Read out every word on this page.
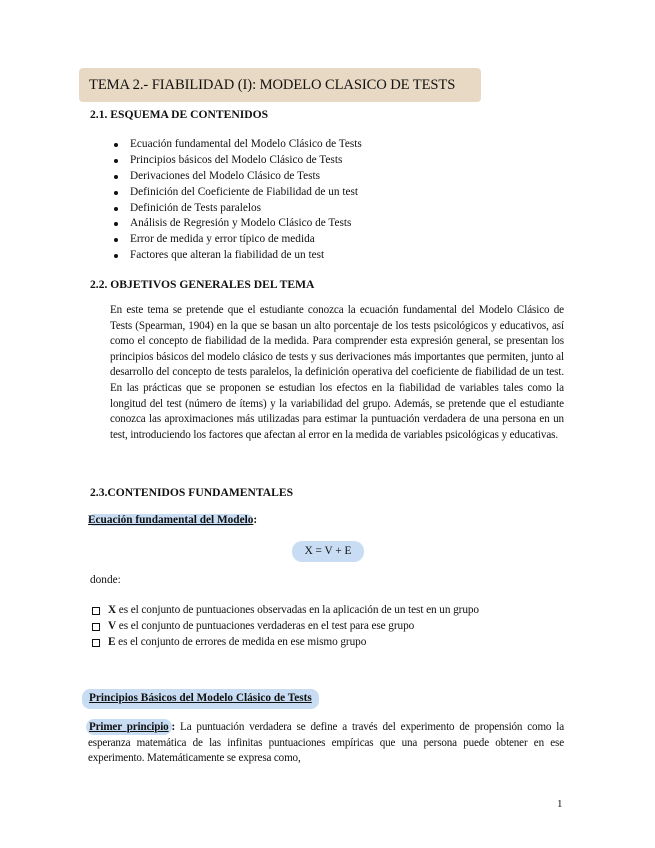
TEMA 2.- FIABILIDAD (I): MODELO CLASICO DE TESTS
2.1. ESQUEMA DE CONTENIDOS
Ecuación fundamental del Modelo Clásico de Tests
Principios básicos del Modelo Clásico de Tests
Derivaciones del Modelo Clásico de Tests
Definición del Coeficiente de Fiabilidad de un test
Definición de Tests paralelos
Análisis de Regresión y Modelo Clásico de Tests
Error de medida y error típico de medida
Factores que alteran la fiabilidad de un test
2.2. OBJETIVOS GENERALES DEL TEMA
En este tema se pretende que el estudiante conozca la ecuación fundamental del Modelo Clásico de Tests (Spearman, 1904) en la que se basan un alto porcentaje de los tests psicológicos y educativos, así como el concepto de fiabilidad de la medida. Para comprender esta expresión general, se presentan los principios básicos del modelo clásico de tests y sus derivaciones más importantes que permiten, junto al desarrollo del concepto de tests paralelos, la definición operativa del coeficiente de fiabilidad de un test. En las prácticas que se proponen se estudian los efectos en la fiabilidad de variables tales como la longitud del test (número de ítems) y la variabilidad del grupo. Además, se pretende que el estudiante conozca las aproximaciones más utilizadas para estimar la puntuación verdadera de una persona en un test, introduciendo los factores que afectan al error en la medida de variables psicológicas y educativas.
2.3.CONTENIDOS FUNDAMENTALES
Ecuación fundamental del Modelo:
X = V + E
donde:
X es el conjunto de puntuaciones observadas en la aplicación de un test en un grupo
V es el conjunto de puntuaciones verdaderas en el test para ese grupo
E es el conjunto de errores de medida en ese mismo grupo
Principios Básicos del Modelo Clásico de Tests
Primer principio : La puntuación verdadera se define a través del experimento de propensión como la esperanza matemática de las infinitas puntuaciones empíricas que una persona puede obtener en ese experimento. Matemáticamente se expresa como,
1
